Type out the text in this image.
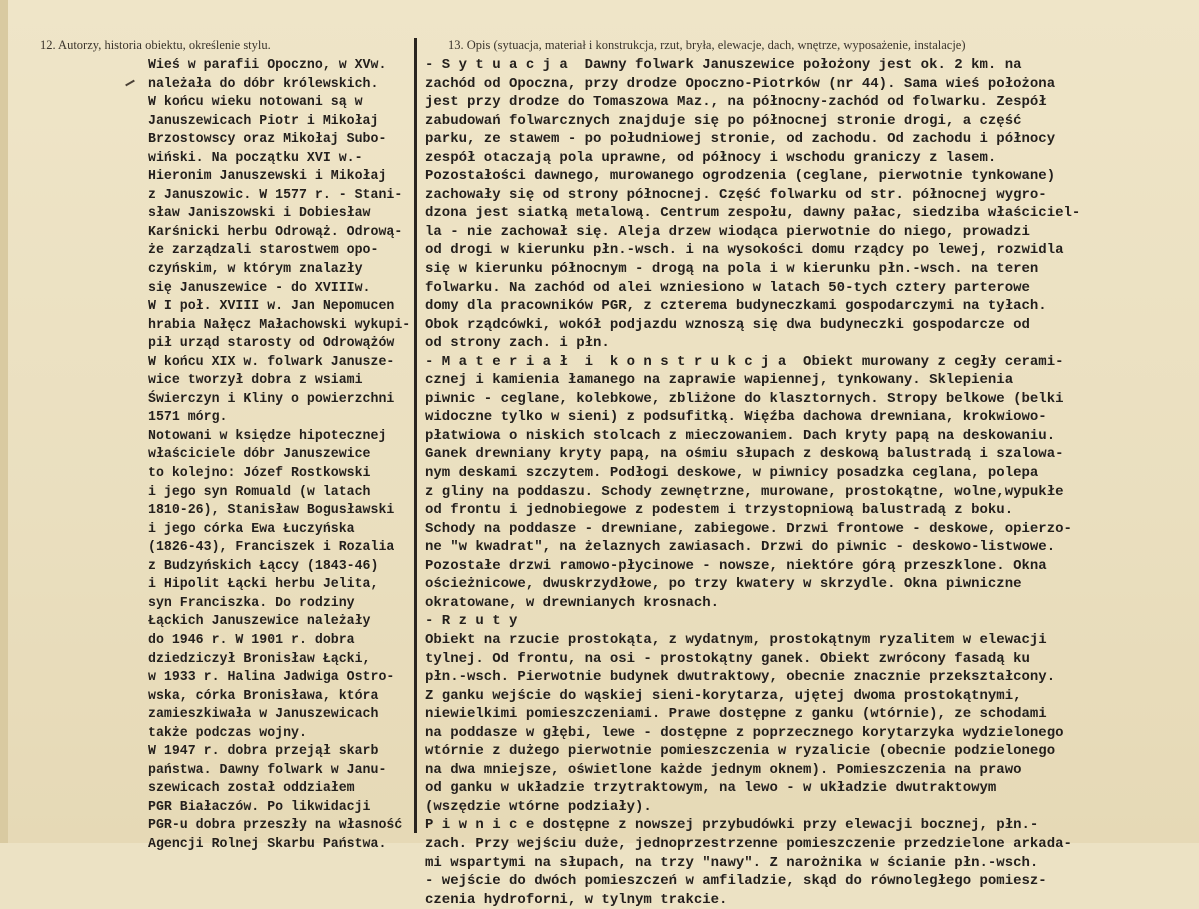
12. Autorzy, historia obiektu, określenie stylu.	13. Opis (sytuacja, materiał i konstrukcja, rzut, bryła, elewacje, dach, wnętrze, wyposażenie, instalacje)
Wieś w parafii Opoczno, w XVw.
należała do dóbr królewskich.
W końcu wieku notowani są w
Januszewicach Piotr i Mikołaj
Brzostowscy oraz Mikołaj Subo-
wiński. Na początku XVI w.-
Hieronim Januszewski i Mikołaj
z Januszowic. W 1577 r. - Stani-
sław Janiszowski i Dobiesław
Karśnicki herbu Odrowąż. Odrową-
że zarządzali starostwem opo-
czyńskim, w którym znalazły
się Januszewice - do XVIIIw.
W I poł. XVIII w. Jan Nepomucen
hrabia Nałęcz Małachowski wykupi-
pił urząd starosty od Odrowążów
W końcu XIX w. folwark Janusze-
wice tworzył dobra z wsiami
Świerczyn i Kliny o powierzchni
1571 mórg.
Notowani w księdze hipotecznej
właściciele dóbr Januszewice
to kolejno: Józef Rostkowski
i jego syn Romuald (w latach
1810-26), Stanisław Bogusławski
i jego córka Ewa Łuczyńska
(1826-43), Franciszek i Rozalia
z Budzyńskich Łąccy (1843-46)
i Hipolit Łącki herbu Jelita,
syn Franciszka. Do rodziny
Łąckich Januszewice należały
do 1946 r. W 1901 r. dobra
dziedziczył Bronisław Łącki,
w 1933 r. Halina Jadwiga Ostro-
wska, córka Bronisława, która
zamieszkiwała w Januszewicach
także podczas wojny.
W 1947 r. dobra przejął skarb
państwa. Dawny folwark w Janu-
szewicach został oddziałem
PGR Białaczów. Po likwidacji
PGR-u dobra przeszły na własność
Agencji Rolnej Skarbu Państwa.
- S y t u a c j a  Dawny folwark Januszewice położony jest ok. 2 km. na
zachód od Opoczna, przy drodze Opoczno-Piotrków (nr 44). Sama wieś położona
jest przy drodze do Tomaszowa Maz., na północny-zachód od folwarku. Zespół
zabudowań folwarcznych znajduje się po północnej stronie drogi, a część
parku, ze stawem - po południowej stronie, od zachodu. Od zachodu i północy
zespół otaczają pola uprawne, od północy i wschodu graniczy z lasem.
Pozostałości dawnego, murowanego ogrodzenia (ceglane, pierwotnie tynkowane)
zachowały się od strony północnej. Część folwarku od str. północnej wygro-
dzona jest siatką metalową. Centrum zespołu, dawny pałac, siedziba właściciel-
la - nie zachował się. Aleja drzew wiodąca pierwotnie do niego, prowadzi
od drogi w kierunku płn.-wsch. i na wysokości domu rządcy po lewej, rozwidla
się w kierunku północnym - drogą na pola i w kierunku płn.-wsch. na teren
folwarku. Na zachód od alei wzniesiono w latach 50-tych cztery parterowe
domy dla pracowników PGR, z czterema budyneczkami gospodarczymi na tyłach.
Obok rządcówki, wokół podjazdu wznoszą się dwa budyneczki gospodarcze od
od strony zach. i płn.
- M a t e r i a ł  i  k o n s t r u k c j a  Obiekt murowany z cegły cerami-
cznej i kamienia łamanego na zaprawie wapiennej, tynkowany. Sklepienia
piwnic - ceglane, kolebkowe, zbliżone do klasztornych. Stropy belkowe (belki
widoczne tylko w sieni) z podsufitką. Więźba dachowa drewniana, krokwiowo-
płatwiowa o niskich stolcach z mieczowaniem. Dach kryty papą na deskowaniu.
Ganek drewniany kryty papą, na ośmiu słupach z deskową balustradą i szalowa-
nym deskami szczytem. Podłogi deskowe, w piwnicy posadzka ceglana, polepa
z gliny na poddaszu. Schody zewnętrzne, murowane, prostokątne, wolne,wypukłe
od frontu i jednobiegowe z podestem i trzystopniową balustradą z boku.
Schody na poddasze - drewniane, zabiegowe. Drzwi frontowe - deskowe, opierzo-
ne "w kwadrat", na żelaznych zawiasach. Drzwi do piwnic - deskowo-listwowe.
Pozostałe drzwi ramowo-płycinowe - nowsze, niektóre górą przeszklone. Okna
ościeżnicowe, dwuskrzydłowe, po trzy kwatery w skrzydle. Okna piwniczne
okratowane, w drewnianych krosnach.
- R z u t y
Obiekt na rzucie prostokąta, z wydatnym, prostokątnym ryzalitem w elewacji
tylnej. Od frontu, na osi - prostokątny ganek. Obiekt zwrócony fasadą ku
płn.-wsch. Pierwotnie budynek dwutraktowy, obecnie znacznie przekształcony.
Z ganku wejście do wąskiej sieni-korytarza, ujętej dwoma prostokątnymi,
niewielkimi pomieszczeniami. Prawe dostępne z ganku (wtórnie), ze schodami
na poddasze w głębi, lewe - dostępne z poprzecznego korytarzyka wydzielonego
wtórnie z dużego pierwotnie pomieszczenia w ryzalicie (obecnie podzielonego
na dwa mniejsze, oświetlone każde jednym oknem). Pomieszczenia na prawo
od ganku w układzie trzytraktowym, na lewo - w układzie dwutraktowym
(wszędzie wtórne podziały).
P i w n i c e dostępne z nowszej przybudówki przy elewacji bocznej, płn.-
zach. Przy wejściu duże, jednoprzestrzenne pomieszczenie przedzielone arkada-
mi wspartymi na słupach, na trzy "nawy". Z narożnika w ścianie płn.-wsch.
- wejście do dwóch pomieszczeń w amfiladzie, skąd do równoległego pomiesz-
czenia hydroforni, w tylnym trakcie.
